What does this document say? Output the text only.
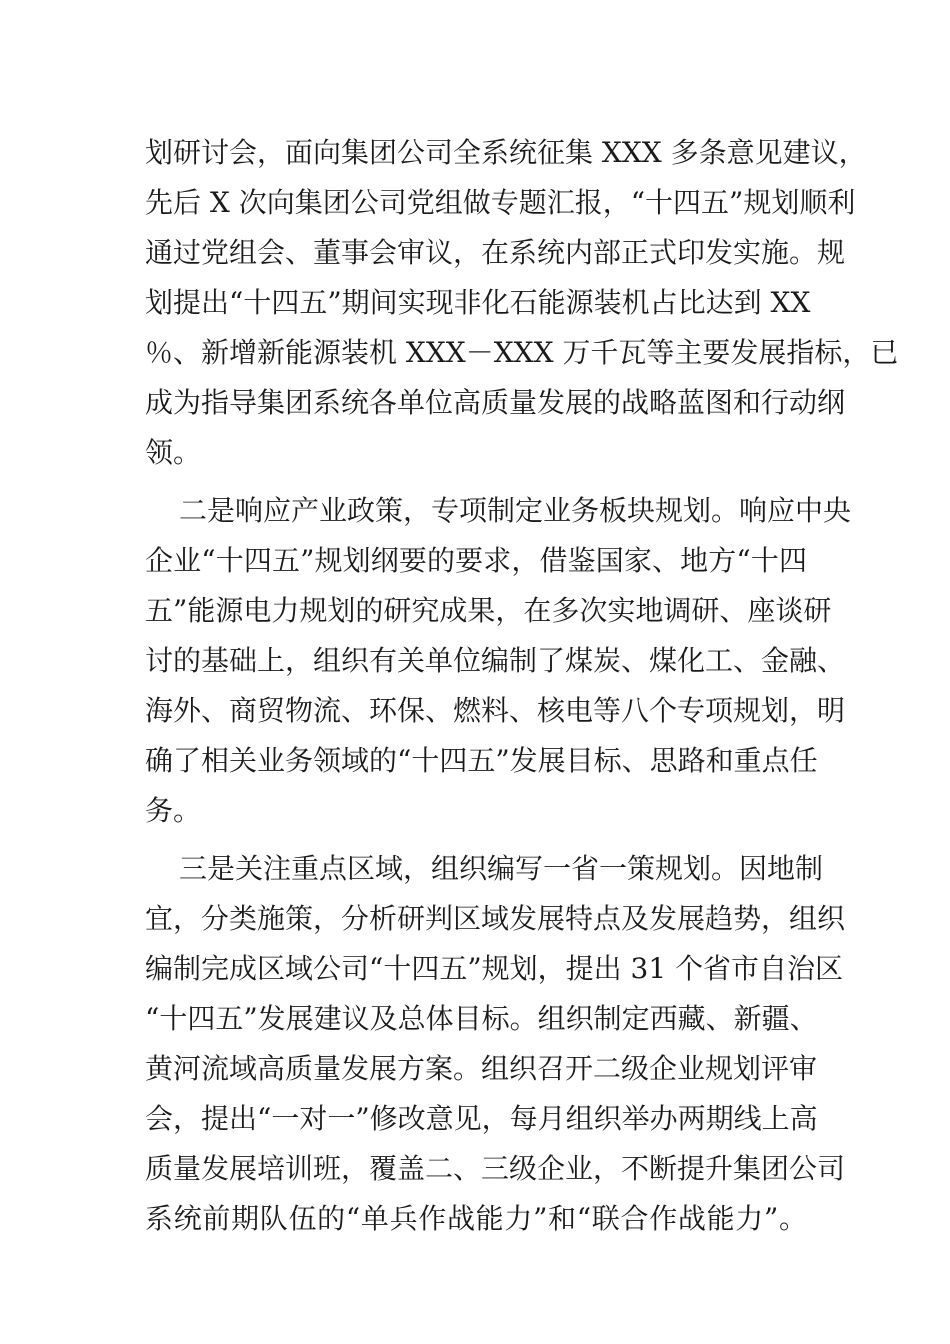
划研讨会，面向集团公司全系统征集 XXX 多条意见建议，
先后 X 次向集团公司党组做专题汇报，“十四五”规划顺利
通过党组会、董事会审议，在系统内部正式印发实施。规
划提出“十四五”期间实现非化石能源装机占比达到 XX
％、新增新能源装机 XXX－XXX 万千瓦等主要发展指标，已
成为指导集团系统各单位高质量发展的战略蓝图和行动纲
领。
二是响应产业政策，专项制定业务板块规划。响应中央
企业“十四五”规划纲要的要求，借鉴国家、地方“十四
五”能源电力规划的研究成果，在多次实地调研、座谈研
讨的基础上，组织有关单位编制了煤炭、煤化工、金融、
海外、商贸物流、环保、燃料、核电等八个专项规划，明
确了相关业务领域的“十四五”发展目标、思路和重点任
务。
三是关注重点区域，组织编写一省一策规划。因地制
宜，分类施策，分析研判区域发展特点及发展趋势，组织
编制完成区域公司“十四五”规划，提出 31 个省市自治区
“十四五”发展建议及总体目标。组织制定西藏、新疆、
黄河流域高质量发展方案。组织召开二级企业规划评审
会，提出“一对一”修改意见，每月组织举办两期线上高
质量发展培训班，覆盖二、三级企业，不断提升集团公司
系统前期队伍的“单兵作战能力”和“联合作战能力”。
